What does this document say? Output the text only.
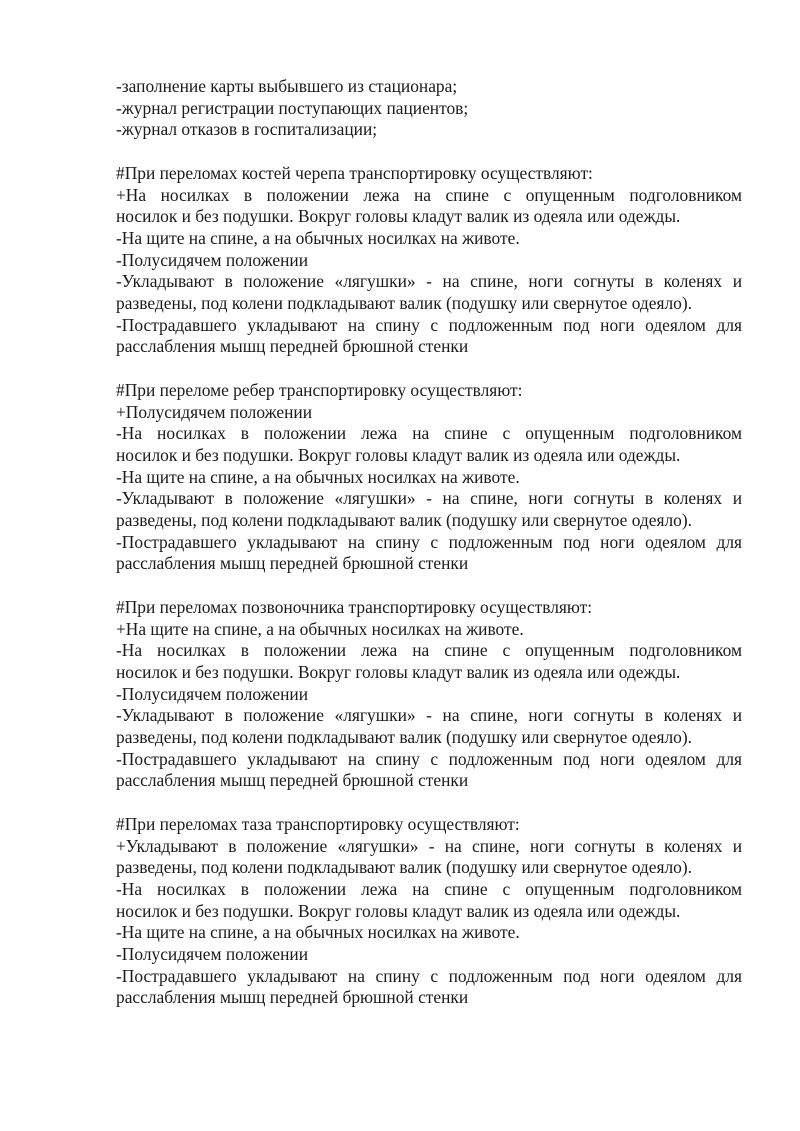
-заполнение карты выбывшего из стационара;
-журнал регистрации поступающих пациентов;
-журнал отказов в госпитализации;
#При переломах костей черепа транспортировку осуществляют:
+На носилках в положении лежа на спине с опущенным подголовником
носилок и без подушки. Вокруг головы кладут валик из одеяла или одежды.
-На щите на спине, а на обычных носилках на животе.
-Полусидячем положении
-Укладывают в положение «лягушки» - на спине, ноги согнуты в коленях и
разведены, под колени подкладывают валик (подушку или свернутое одеяло).
-Пострадавшего укладывают на спину с подложенным под ноги одеялом для
расслабления мышц передней брюшной стенки
#При переломе ребер транспортировку осуществляют:
+Полусидячем положении
-На носилках в положении лежа на спине с опущенным подголовником
носилок и без подушки. Вокруг головы кладут валик из одеяла или одежды.
-На щите на спине, а на обычных носилках на животе.
-Укладывают в положение «лягушки» - на спине, ноги согнуты в коленях и
разведены, под колени подкладывают валик (подушку или свернутое одеяло).
-Пострадавшего укладывают на спину с подложенным под ноги одеялом для
расслабления мышц передней брюшной стенки
#При переломах позвоночника транспортировку осуществляют:
+На щите на спине, а на обычных носилках на животе.
-На носилках в положении лежа на спине с опущенным подголовником
носилок и без подушки. Вокруг головы кладут валик из одеяла или одежды.
-Полусидячем положении
-Укладывают в положение «лягушки» - на спине, ноги согнуты в коленях и
разведены, под колени подкладывают валик (подушку или свернутое одеяло).
-Пострадавшего укладывают на спину с подложенным под ноги одеялом для
расслабления мышц передней брюшной стенки
#При переломах таза транспортировку осуществляют:
+Укладывают в положение «лягушки» - на спине, ноги согнуты в коленях и
разведены, под колени подкладывают валик (подушку или свернутое одеяло).
-На носилках в положении лежа на спине с опущенным подголовником
носилок и без подушки. Вокруг головы кладут валик из одеяла или одежды.
-На щите на спине, а на обычных носилках на животе.
-Полусидячем положении
-Пострадавшего укладывают на спину с подложенным под ноги одеялом для
расслабления мышц передней брюшной стенки
